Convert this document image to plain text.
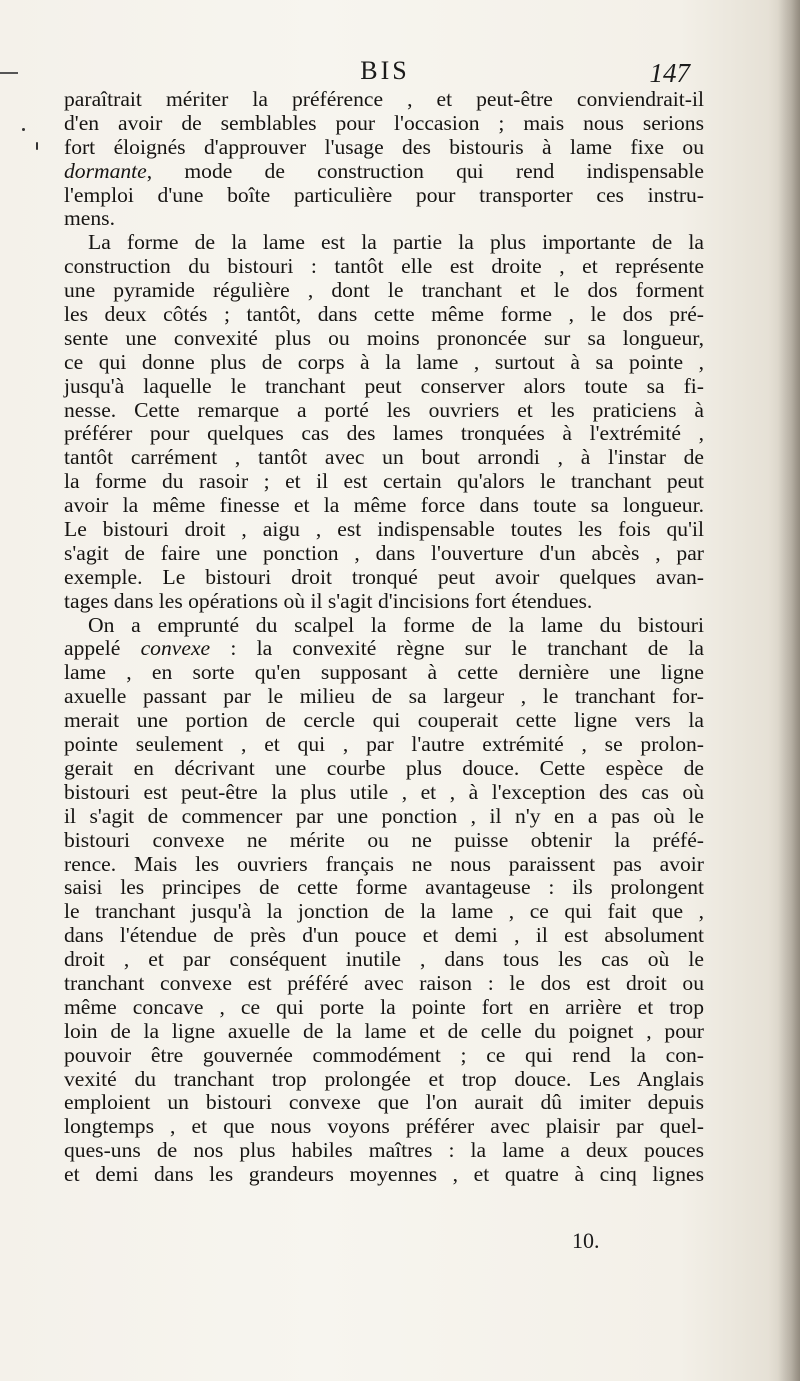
BIS	147
paraîtrait mériter la préférence , et peut-être conviendrait-il
d'en avoir de semblables pour l'occasion ; mais nous serions
fort éloignés d'approuver l'usage des bistouris à lame fixe ou
dormante, mode de construction qui rend indispensable
l'emploi d'une boîte particulière pour transporter ces instru-
mens.
La forme de la lame est la partie la plus importante de la
construction du bistouri : tantôt elle est droite , et représente
une pyramide régulière , dont le tranchant et le dos forment
les deux côtés ; tantôt, dans cette même forme , le dos pré-
sente une convexité plus ou moins prononcée sur sa longueur,
ce qui donne plus de corps à la lame , surtout à sa pointe ,
jusqu'à laquelle le tranchant peut conserver alors toute sa fi-
nesse. Cette remarque a porté les ouvriers et les praticiens à
préférer pour quelques cas des lames tronquées à l'extrémité ,
tantôt carrément , tantôt avec un bout arrondi , à l'instar de
la forme du rasoir ; et il est certain qu'alors le tranchant peut
avoir la même finesse et la même force dans toute sa longueur.
Le bistouri droit , aigu , est indispensable toutes les fois qu'il
s'agit de faire une ponction , dans l'ouverture d'un abcès , par
exemple. Le bistouri droit tronqué peut avoir quelques avan-
tages dans les opérations où il s'agit d'incisions fort étendues.
On a emprunté du scalpel la forme de la lame du bistouri
appelé convexe : la convexité règne sur le tranchant de la
lame , en sorte qu'en supposant à cette dernière une ligne
axuelle passant par le milieu de sa largeur , le tranchant for-
merait une portion de cercle qui couperait cette ligne vers la
pointe seulement , et qui , par l'autre extrémité , se prolon-
gerait en décrivant une courbe plus douce. Cette espèce de
bistouri est peut-être la plus utile , et , à l'exception des cas où
il s'agit de commencer par une ponction , il n'y en a pas où le
bistouri convexe ne mérite ou ne puisse obtenir la préfé-
rence. Mais les ouvriers français ne nous paraissent pas avoir
saisi les principes de cette forme avantageuse : ils prolongent
le tranchant jusqu'à la jonction de la lame , ce qui fait que ,
dans l'étendue de près d'un pouce et demi , il est absolument
droit , et par conséquent inutile , dans tous les cas où le
tranchant convexe est préféré avec raison : le dos est droit ou
même concave , ce qui porte la pointe fort en arrière et trop
loin de la ligne axuelle de la lame et de celle du poignet , pour
pouvoir être gouvernée commodément ; ce qui rend la con-
vexité du tranchant trop prolongée et trop douce. Les Anglais
emploient un bistouri convexe que l'on aurait dû imiter depuis
longtemps , et que nous voyons préférer avec plaisir par quel-
ques-uns de nos plus habiles maîtres : la lame a deux pouces
et demi dans les grandeurs moyennes , et quatre à cinq lignes
10.
